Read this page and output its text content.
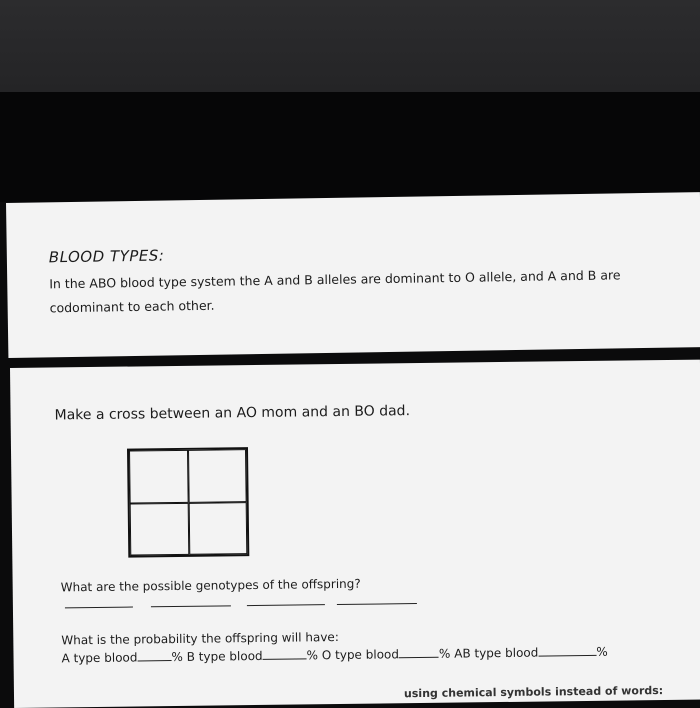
BLOOD TYPES:
In the ABO blood type system the A and B alleles are dominant to O allele, and A and B are codominant to each other.
Make a cross between an AO mom and an BO dad.
What are the possible genotypes of the offspring?
What is the probability the offspring will have:
A type blood	% B type blood	% O type blood	% AB type blood	%
using chemical symbols instead of words:
